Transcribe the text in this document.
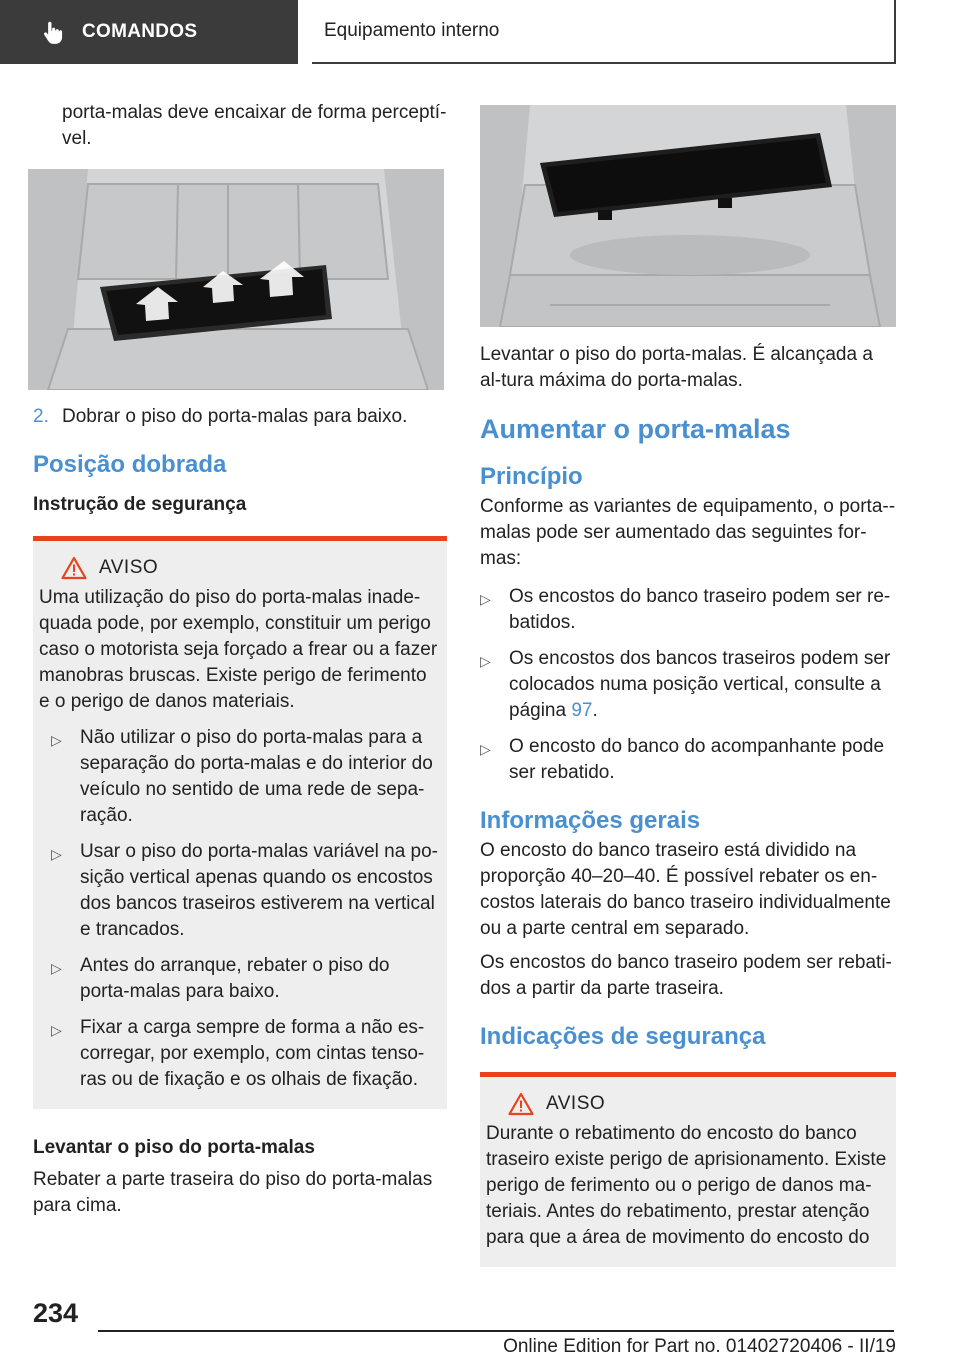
COMANDOS	Equipamento interno

porta-malas deve encaixar de forma perceptí-vel.

2. Dobrar o piso do porta-malas para baixo.
Posição dobrada
Instrução de segurança
AVISO

Uma utilização do piso do porta-malas inade-quada pode, por exemplo, constituir um perigo caso o motorista seja forçado a frear ou a fazer manobras bruscas. Existe perigo de ferimento e o perigo de danos materiais.

▷ Não utilizar o piso do porta-malas para a separação do porta-malas e do interior do veículo no sentido de uma rede de sepa-ração.
▷ Usar o piso do porta-malas variável na po-sição vertical apenas quando os encostos dos bancos traseiros estiverem na vertical e trancados.
▷ Antes do arranque, rebater o piso do porta-malas para baixo.
▷ Fixar a carga sempre de forma a não es-corregar, por exemplo, com cintas tenso-ras ou de fixação e os olhais de fixação.
Levantar o piso do porta-malas

Rebater a parte traseira do piso do porta-malas para cima.

Levantar o piso do porta-malas. É alcançada a al-tura máxima do porta-malas.

Aumentar o porta-malas
Princípio

Conforme as variantes de equipamento, o porta--malas pode ser aumentado das seguintes for-mas:

▷ Os encostos do banco traseiro podem ser re-batidos.
▷ Os encostos dos bancos traseiros podem ser colocados numa posição vertical, consulte a página 97.
▷ O encosto do banco do acompanhante pode ser rebatido.
Informações gerais

O encosto do banco traseiro está dividido na proporção 40–20–40. É possível rebater os en-costos laterais do banco traseiro individualmente ou a parte central em separado.

Os encostos do banco traseiro podem ser rebati-dos a partir da parte traseira.

Indicações de segurança
AVISO

Durante o rebatimento do encosto do banco traseiro existe perigo de aprisionamento. Existe perigo de ferimento ou o perigo de danos ma-teriais. Antes do rebatimento, prestar atenção para que a área de movimento do encosto do

234
Online Edition for Part no. 01402720406 - II/19
